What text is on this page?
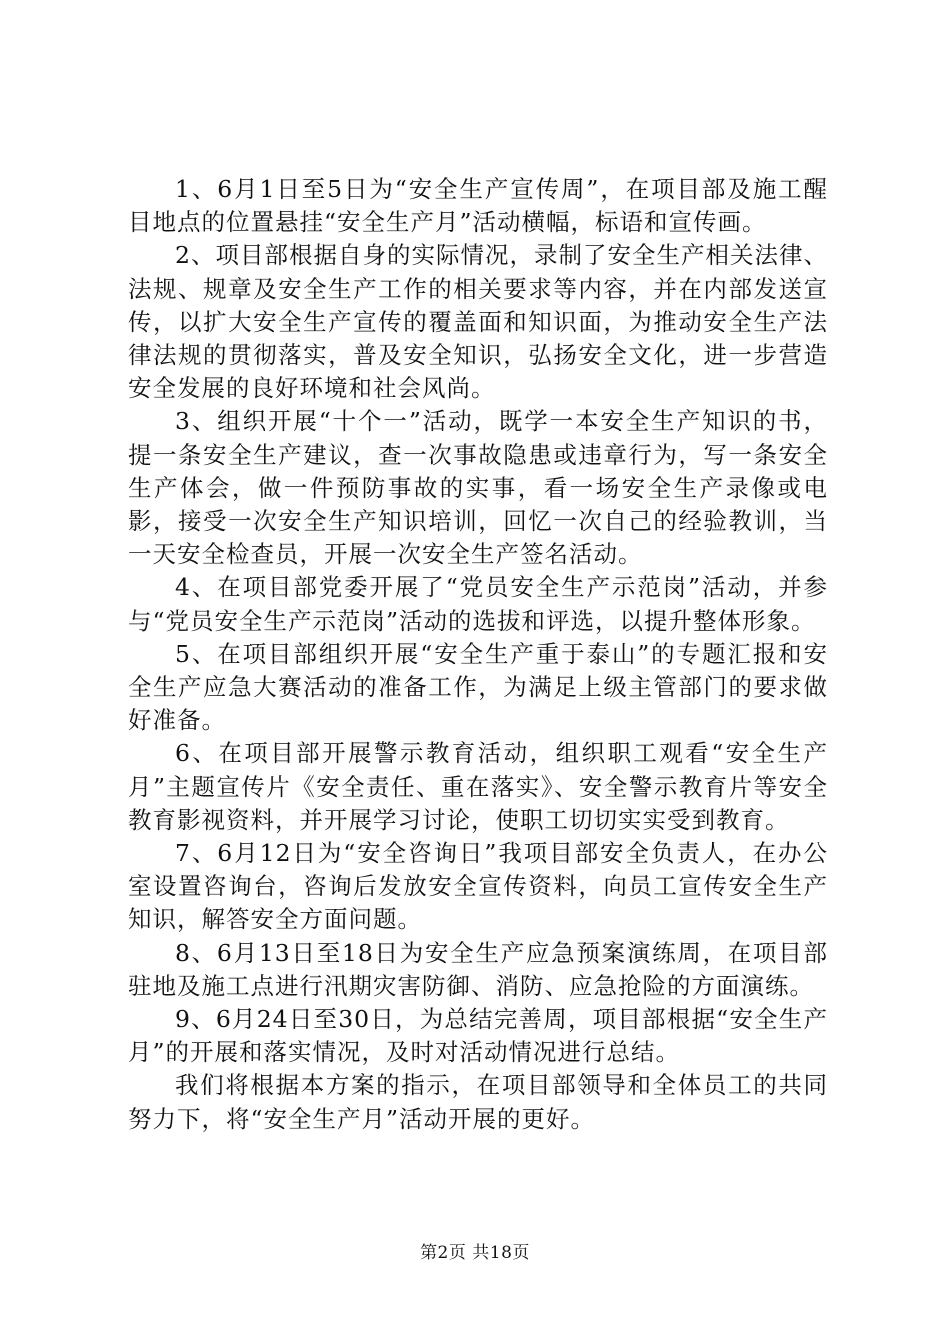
1、6月1日至5日为“安全生产宣传周”，在项目部及施工醒目地点的位置悬挂“安全生产月”活动横幅，标语和宣传画。

2、项目部根据自身的实际情况，录制了安全生产相关法律、法规、规章及安全生产工作的相关要求等内容，并在内部发送宣传，以扩大安全生产宣传的覆盖面和知识面，为推动安全生产法律法规的贯彻落实，普及安全知识，弘扬安全文化，进一步营造安全发展的良好环境和社会风尚。

3、组织开展“十个一”活动，既学一本安全生产知识的书，提一条安全生产建议，查一次事故隐患或违章行为，写一条安全生产体会，做一件预防事故的实事，看一场安全生产录像或电影，接受一次安全生产知识培训，回忆一次自己的经验教训，当一天安全检查员，开展一次安全生产签名活动。

4、在项目部党委开展了“党员安全生产示范岗”活动，并参与“党员安全生产示范岗”活动的选拔和评选，以提升整体形象。

5、在项目部组织开展“安全生产重于泰山”的专题汇报和安全生产应急大赛活动的准备工作，为满足上级主管部门的要求做好准备。

6、在项目部开展警示教育活动，组织职工观看“安全生产月”主题宣传片《安全责任、重在落实》、安全警示教育片等安全教育影视资料，并开展学习讨论，使职工切切实实受到教育。

7、6月12日为“安全咨询日”我项目部安全负责人，在办公室设置咨询台，咨询后发放安全宣传资料，向员工宣传安全生产知识，解答安全方面问题。

8、6月13日至18日为安全生产应急预案演练周，在项目部驻地及施工点进行汛期灾害防御、消防、应急抢险的方面演练。

9、6月24日至30日，为总结完善周，项目部根据“安全生产月”的开展和落实情况，及时对活动情况进行总结。

我们将根据本方案的指示，在项目部领导和全体员工的共同努力下，将“安全生产月”活动开展的更好。

第2页 共18页
